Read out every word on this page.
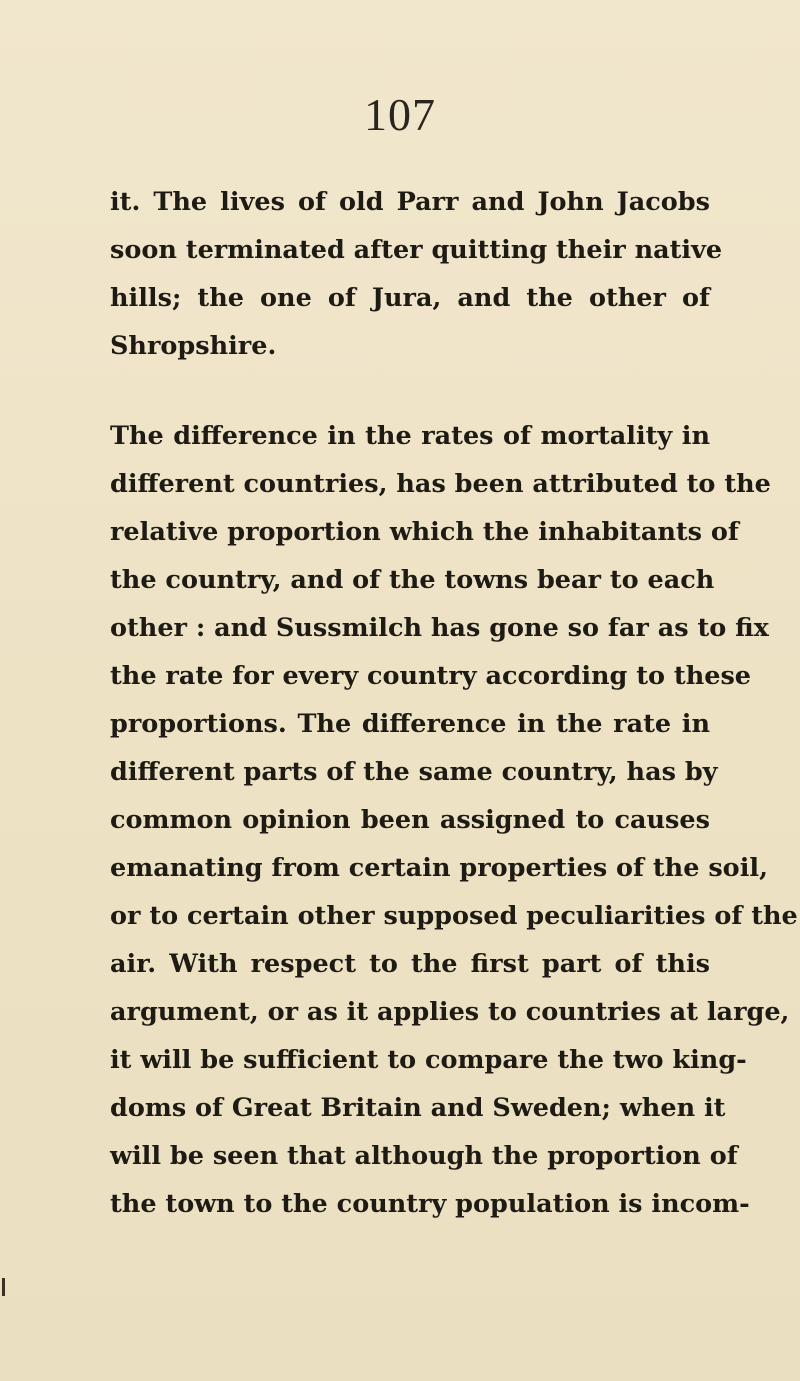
107
it. The lives of old Parr and John Jacobs
soon terminated after quitting their native
hills; the one of Jura, and the other of
Shropshire.
The difference in the rates of mortality in
different countries, has been attributed to the
relative proportion which the inhabitants of
the country, and of the towns bear to each
other : and Sussmilch has gone so far as to fix
the rate for every country according to these
proportions. The difference in the rate in
different parts of the same country, has by
common opinion been assigned to causes
emanating from certain properties of the soil,
or to certain other supposed peculiarities of the
air. With respect to the first part of this
argument, or as it applies to countries at large,
it will be sufficient to compare the two king-
doms of Great Britain and Sweden; when it
will be seen that although the proportion of
the town to the country population is incom-
